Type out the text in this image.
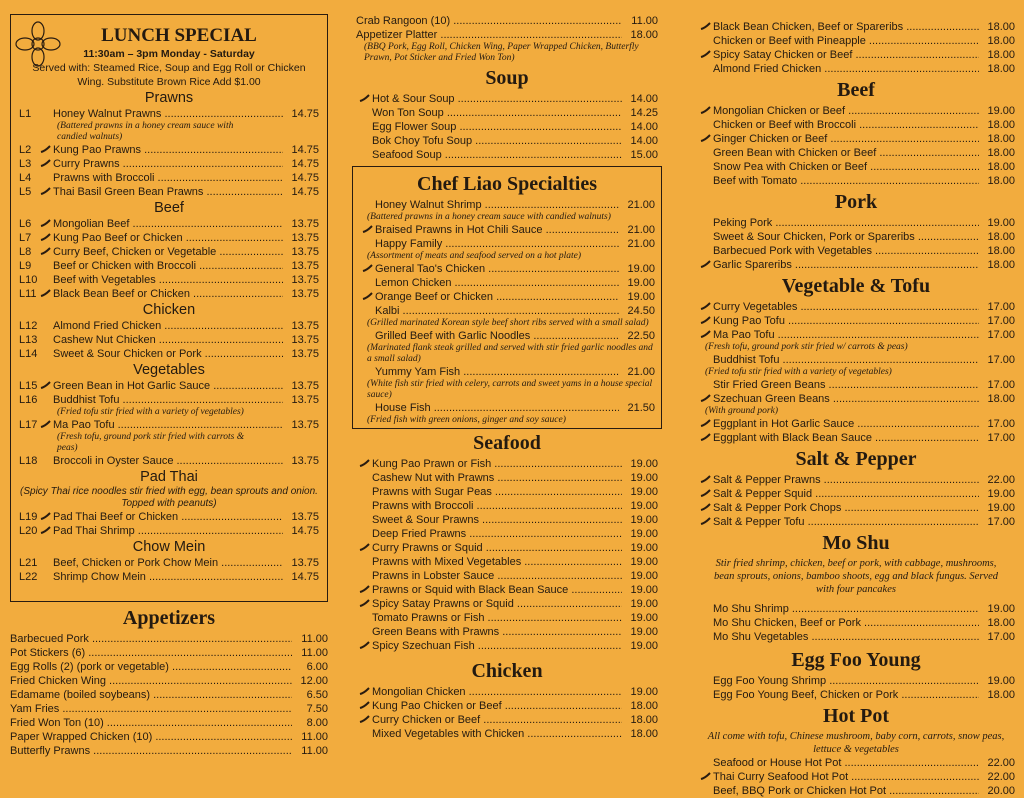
LUNCH SPECIAL
11:30am – 3pm Monday - Saturday
Served with: Steamed Rice, Soup and Egg Roll or Chicken Wing. Substitute Brown Rice Add $1.00
Prawns
L1	Honey Walnut Prawns .....	14.75
(Battered prawns in a honey cream sauce with candied walnuts)
L2	Kung Pao Prawns .....	14.75
L3	Curry Prawns .....	14.75
L4	Prawns with Broccoli .....	14.75
L5	Thai Basil Green Bean Prawns .....	14.75
Beef
L6	Mongolian Beef .....	13.75
L7	Kung Pao Beef or Chicken .....	13.75
L8	Curry Beef, Chicken or Vegetable .....	13.75
L9	Beef or Chicken with Broccoli .....	13.75
L10 Beef with Vegetables .....	13.75
L11 Black Bean Beef or Chicken .....	13.75
Chicken
L12 Almond Fried Chicken .....	13.75
L13 Cashew Nut Chicken .....	13.75
L14 Sweet & Sour Chicken or Pork .....	13.75
Vegetables
L15 Green Bean in Hot Garlic Sauce .....	13.75
L16 Buddhist Tofu .....	13.75
(Fried tofu stir fried with a variety of vegetables)
L17 Ma Pao Tofu .....	13.75
(Fresh tofu, ground pork stir fried with carrots & peas)
L18 Broccoli in Oyster Sauce .....	13.75
Pad Thai
(Spicy Thai rice noodles stir fried with egg, bean sprouts and onion. Topped with peanuts)
L19 Pad Thai Beef or Chicken .....	13.75
L20 Pad Thai Shrimp .....	14.75
Chow Mein
L21 Beef, Chicken or Pork Chow Mein .....	13.75
L22 Shrimp Chow Mein .....	14.75
Appetizers
Barbecued Pork .....	11.00
Pot Stickers (6) .....	11.00
Egg Rolls (2) (pork or vegetable) .....	6.00
Fried Chicken Wing .....	12.00
Edamame (boiled soybeans) .....	6.50
Yam Fries .....	7.50
Fried Won Ton (10) .....	8.00
Paper Wrapped Chicken (10) .....	11.00
Butterfly Prawns .....	11.00
Crab Rangoon (10) .....	11.00
Appetizer Platter .....	18.00
(BBQ Pork, Egg Roll, Chicken Wing, Paper Wrapped Chicken, Butterfly Prawn, Pot Sticker and Fried Won Ton)
Soup
Hot & Sour Soup .....	14.00
Won Ton Soup .....	14.25
Egg Flower Soup .....	14.00
Bok Choy Tofu Soup .....	14.00
Seafood Soup .....	15.00
Chef Liao Specialties
Honey Walnut Shrimp .....	21.00
(Battered prawns in a honey cream sauce with candied walnuts)
Braised Prawns in Hot Chili Sauce .....	21.00
Happy Family .....	21.00
(Assortment of meats and seafood served on a hot plate)
General Tao's Chicken .....	19.00
Lemon Chicken .....	19.00
Orange Beef or Chicken .....	19.00
Kalbi .....	24.50
(Grilled marinated Korean style beef short ribs served with a small salad)
Grilled Beef with Garlic Noodles .....	22.50
(Marinated flank steak grilled and served with stir fried garlic noodles and a small salad)
Yummy Yam Fish .....	21.00
(White fish stir fried with celery, carrots and sweet yams in a house special sauce)
House Fish .....	21.50
(Fried fish with green onions, ginger and soy sauce)
Seafood
Kung Pao Prawn or Fish .....	19.00
Cashew Nut with Prawns .....	19.00
Prawns with Sugar Peas .....	19.00
Prawns with Broccoli .....	19.00
Sweet & Sour Prawns .....	19.00
Deep Fried Prawns .....	19.00
Curry Prawns or Squid .....	19.00
Prawns with Mixed Vegetables .....	19.00
Prawns in Lobster Sauce .....	19.00
Prawns or Squid with Black Bean Sauce .....	19.00
Spicy Satay Prawns or Squid .....	19.00
Tomato Prawns or Fish .....	19.00
Green Beans with Prawns .....	19.00
Spicy Szechuan Fish .....	19.00
Chicken
Mongolian Chicken .....	19.00
Kung Pao Chicken or Beef .....	18.00
Curry Chicken or Beef .....	18.00
Mixed Vegetables with Chicken .....	18.00
Black Bean Chicken, Beef or Spareribs .....	18.00
Chicken or Beef with Pineapple .....	18.00
Spicy Satay Chicken or Beef .....	18.00
Almond Fried Chicken .....	18.00
Beef
Mongolian Chicken or Beef .....	19.00
Chicken or Beef with Broccoli .....	18.00
Ginger Chicken or Beef .....	18.00
Green Bean with Chicken or Beef .....	18.00
Snow Pea with Chicken or Beef .....	18.00
Beef with Tomato .....	18.00
Pork
Peking Pork .....	19.00
Sweet & Sour Chicken, Pork or Spareribs .....	18.00
Barbecued Pork with Vegetables .....	18.00
Garlic Spareribs .....	18.00
Vegetable & Tofu
Curry Vegetables .....	17.00
Kung Pao Tofu .....	17.00
Ma Pao Tofu .....	17.00
(Fresh tofu, ground pork stir fried w/ carrots & peas)
Buddhist Tofu .....	17.00
(Fried tofu stir fried with a variety of vegetables)
Stir Fried Green Beans .....	17.00
Szechuan Green Beans .....	18.00
(With ground pork)
Eggplant in Hot Garlic Sauce .....	17.00
Eggplant with Black Bean Sauce .....	17.00
Salt & Pepper
Salt & Pepper Prawns .....	22.00
Salt & Pepper Squid .....	19.00
Salt & Pepper Pork Chops .....	19.00
Salt & Pepper Tofu .....	17.00
Mo Shu
Stir fried shrimp, chicken, beef or pork, with cabbage, mushrooms, bean sprouts, onions, bamboo shoots, egg and black fungus. Served with four pancakes
Mo Shu Shrimp .....	19.00
Mo Shu Chicken, Beef or Pork .....	18.00
Mo Shu Vegetables .....	17.00
Egg Foo Young
Egg Foo Young Shrimp .....	19.00
Egg Foo Young Beef, Chicken or Pork .....	18.00
Hot Pot
All come with tofu, Chinese mushroom, baby corn, carrots, snow peas, lettuce & vegetables
Seafood or House Hot Pot .....	22.00
Thai Curry Seafood Hot Pot .....	22.00
Beef, BBQ Pork or Chicken Hot Pot .....	20.00
